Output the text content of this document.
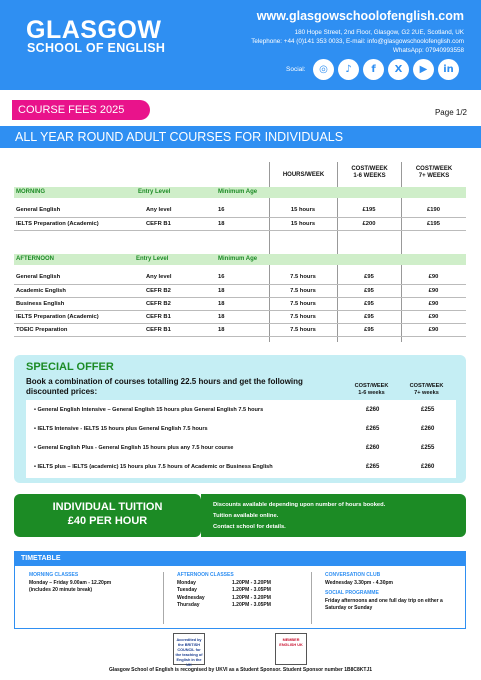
GLASGOW
SCHOOL OF ENGLISH
www.glasgowschoolofenglish.com
180 Hope Street, 2nd Floor, Glasgow, G2 2UE, Scotland, UK
Telephone: +44 (0)141 353 0033, E-mail: info@glasgowschoolofenglish.com
WhatsApp: 07940993558
Social:	◎	♪	f	X	▶	in
COURSE FEES 2025	Page 1/2
ALL YEAR ROUND ADULT COURSES FOR INDIVIDUALS
HOURS/WEEK
COST/WEEK
1-6 WEEKS
COST/WEEK
7+ WEEKS
MORNING	Entry Level	Minimum Age
General English	Any level	16	15 hours	£195	£190
IELTS Preparation (Academic)	CEFR B1	18	15 hours	£200	£195
AFTERNOON	Entry Level	Minimum Age
General English	Any level	16	7.5 hours	£95	£90
Academic English	CEFR B2	18	7.5 hours	£95	£90
Business English	CEFR B2	18	7.5 hours	£95	£90
IELTS Preparation (Academic)	CEFR B1	18	7.5 hours	£95	£90
TOEIC Preparation	CEFR B1	18	7.5 hours	£95	£90
SPECIAL OFFER
Book a combination of courses totalling 22.5 hours and get the following discounted prices:
COST/WEEK
1-6 weeks
COST/WEEK
7+ weeks
• General English Intensive – General English 15 hours plus General English 7.5 hours	£260	£255
• IELTS Intensive - IELTS 15 hours plus General English 7.5 hours	£265	£260
• General English Plus - General English 15 hours plus any 7.5 hour course	£260	£255
• IELTS plus – IELTS (academic) 15 hours plus 7.5 hours of Academic or Business English	£265	£260
Discounts available depending upon number of hours booked.
Tuition available online.
Contact school for details.
INDIVIDUAL TUITION
£40 PER HOUR
TIMETABLE
MORNING CLASSES
Monday – Friday 9.00am - 12.20pm
(includes 20 minute break)
AFTERNOON CLASSES
Monday	1.20PM - 3.20PM
Tuesday	1.20PM - 3.05PM
Wednesday	1.20PM - 3.20PM
Thursday	1.20PM - 3.05PM
CONVERSATION CLUB
Wednesday 3.30pm - 4.30pm
SOCIAL PROGRAMME
Friday afternoons and one full day trip on either a
Saturday or Sunday
Accredited by the BRITISH COUNCIL for the teaching of English in the UK
MEMBER ENGLISH UK
Glasgow School of English is recognised by UKVI as a Student Sponsor. Student Sponsor number 1B8C8KTJ1
